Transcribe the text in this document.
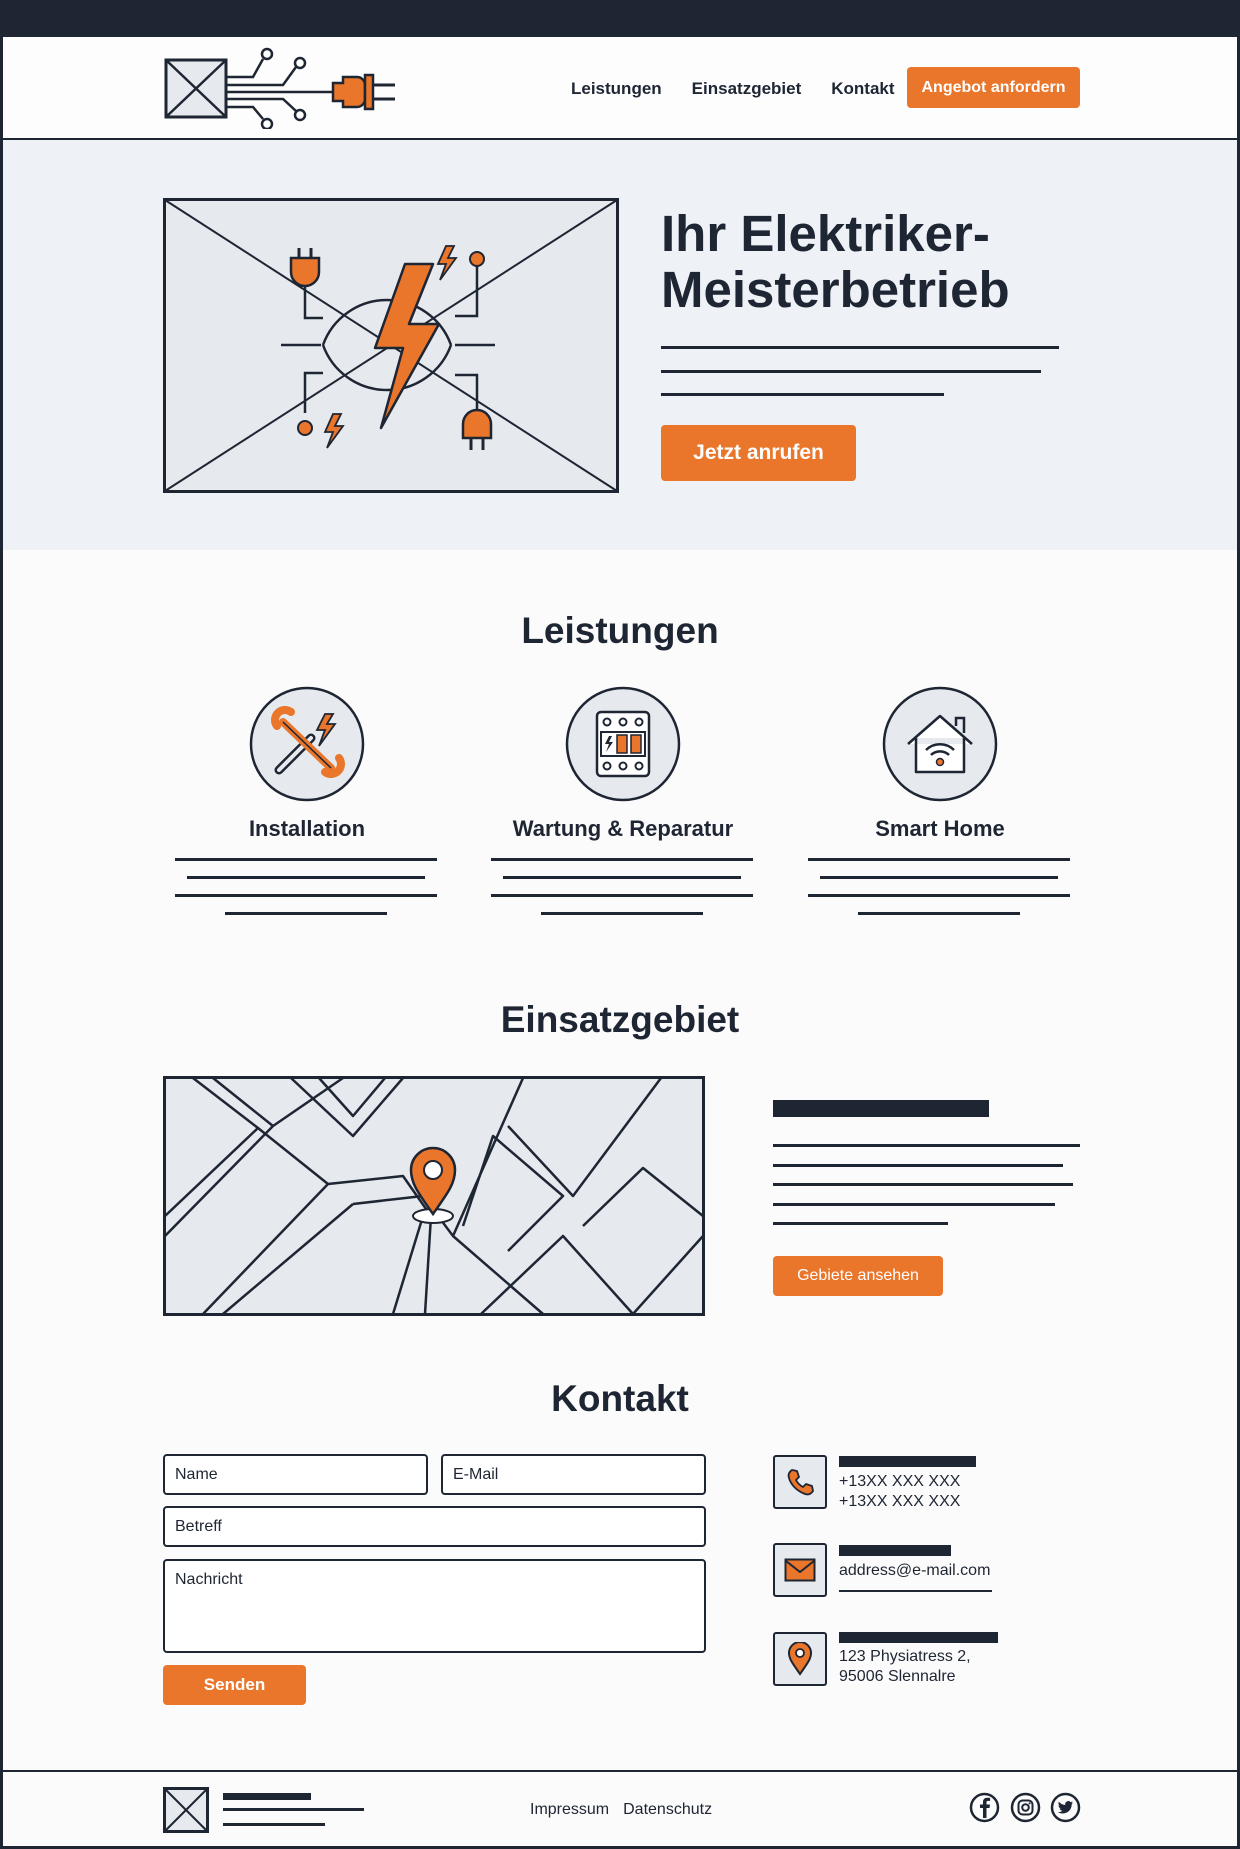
Leistungen Einsatzgebiet Kontakt	Angebot anfordern
Ihr Elektriker-Meisterbetrieb
Jetzt anrufen
Leistungen
Installation	Wartung & Reparatur	Smart Home
Einsatzgebiet
Gebiete ansehen
Kontakt
Name
E-Mail
Betreff
Nachricht
Senden
+13XX XXX XXX
+13XX XXX XXX
address@e-mail.com
123 Physiatress 2,
95006 Slennalre
Impressum Datenschutz
